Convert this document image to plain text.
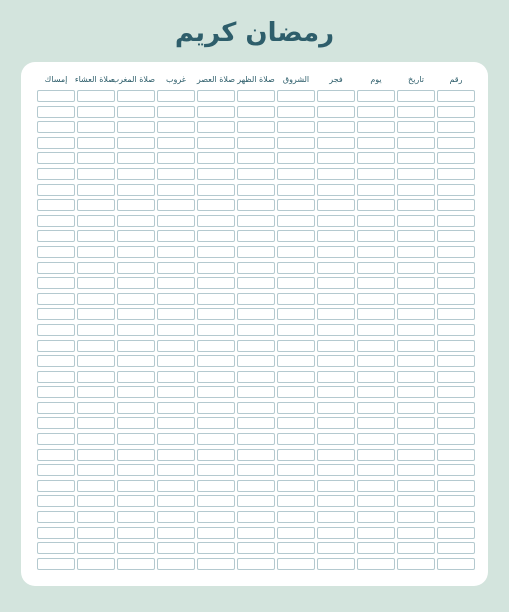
رمضان كريم
رقم
تاريخ
يوم
فجر
الشروق
صلاة الظهر
صلاة العصر
غروب
صلاة المغرب
صلاة العشاء
إمساك
